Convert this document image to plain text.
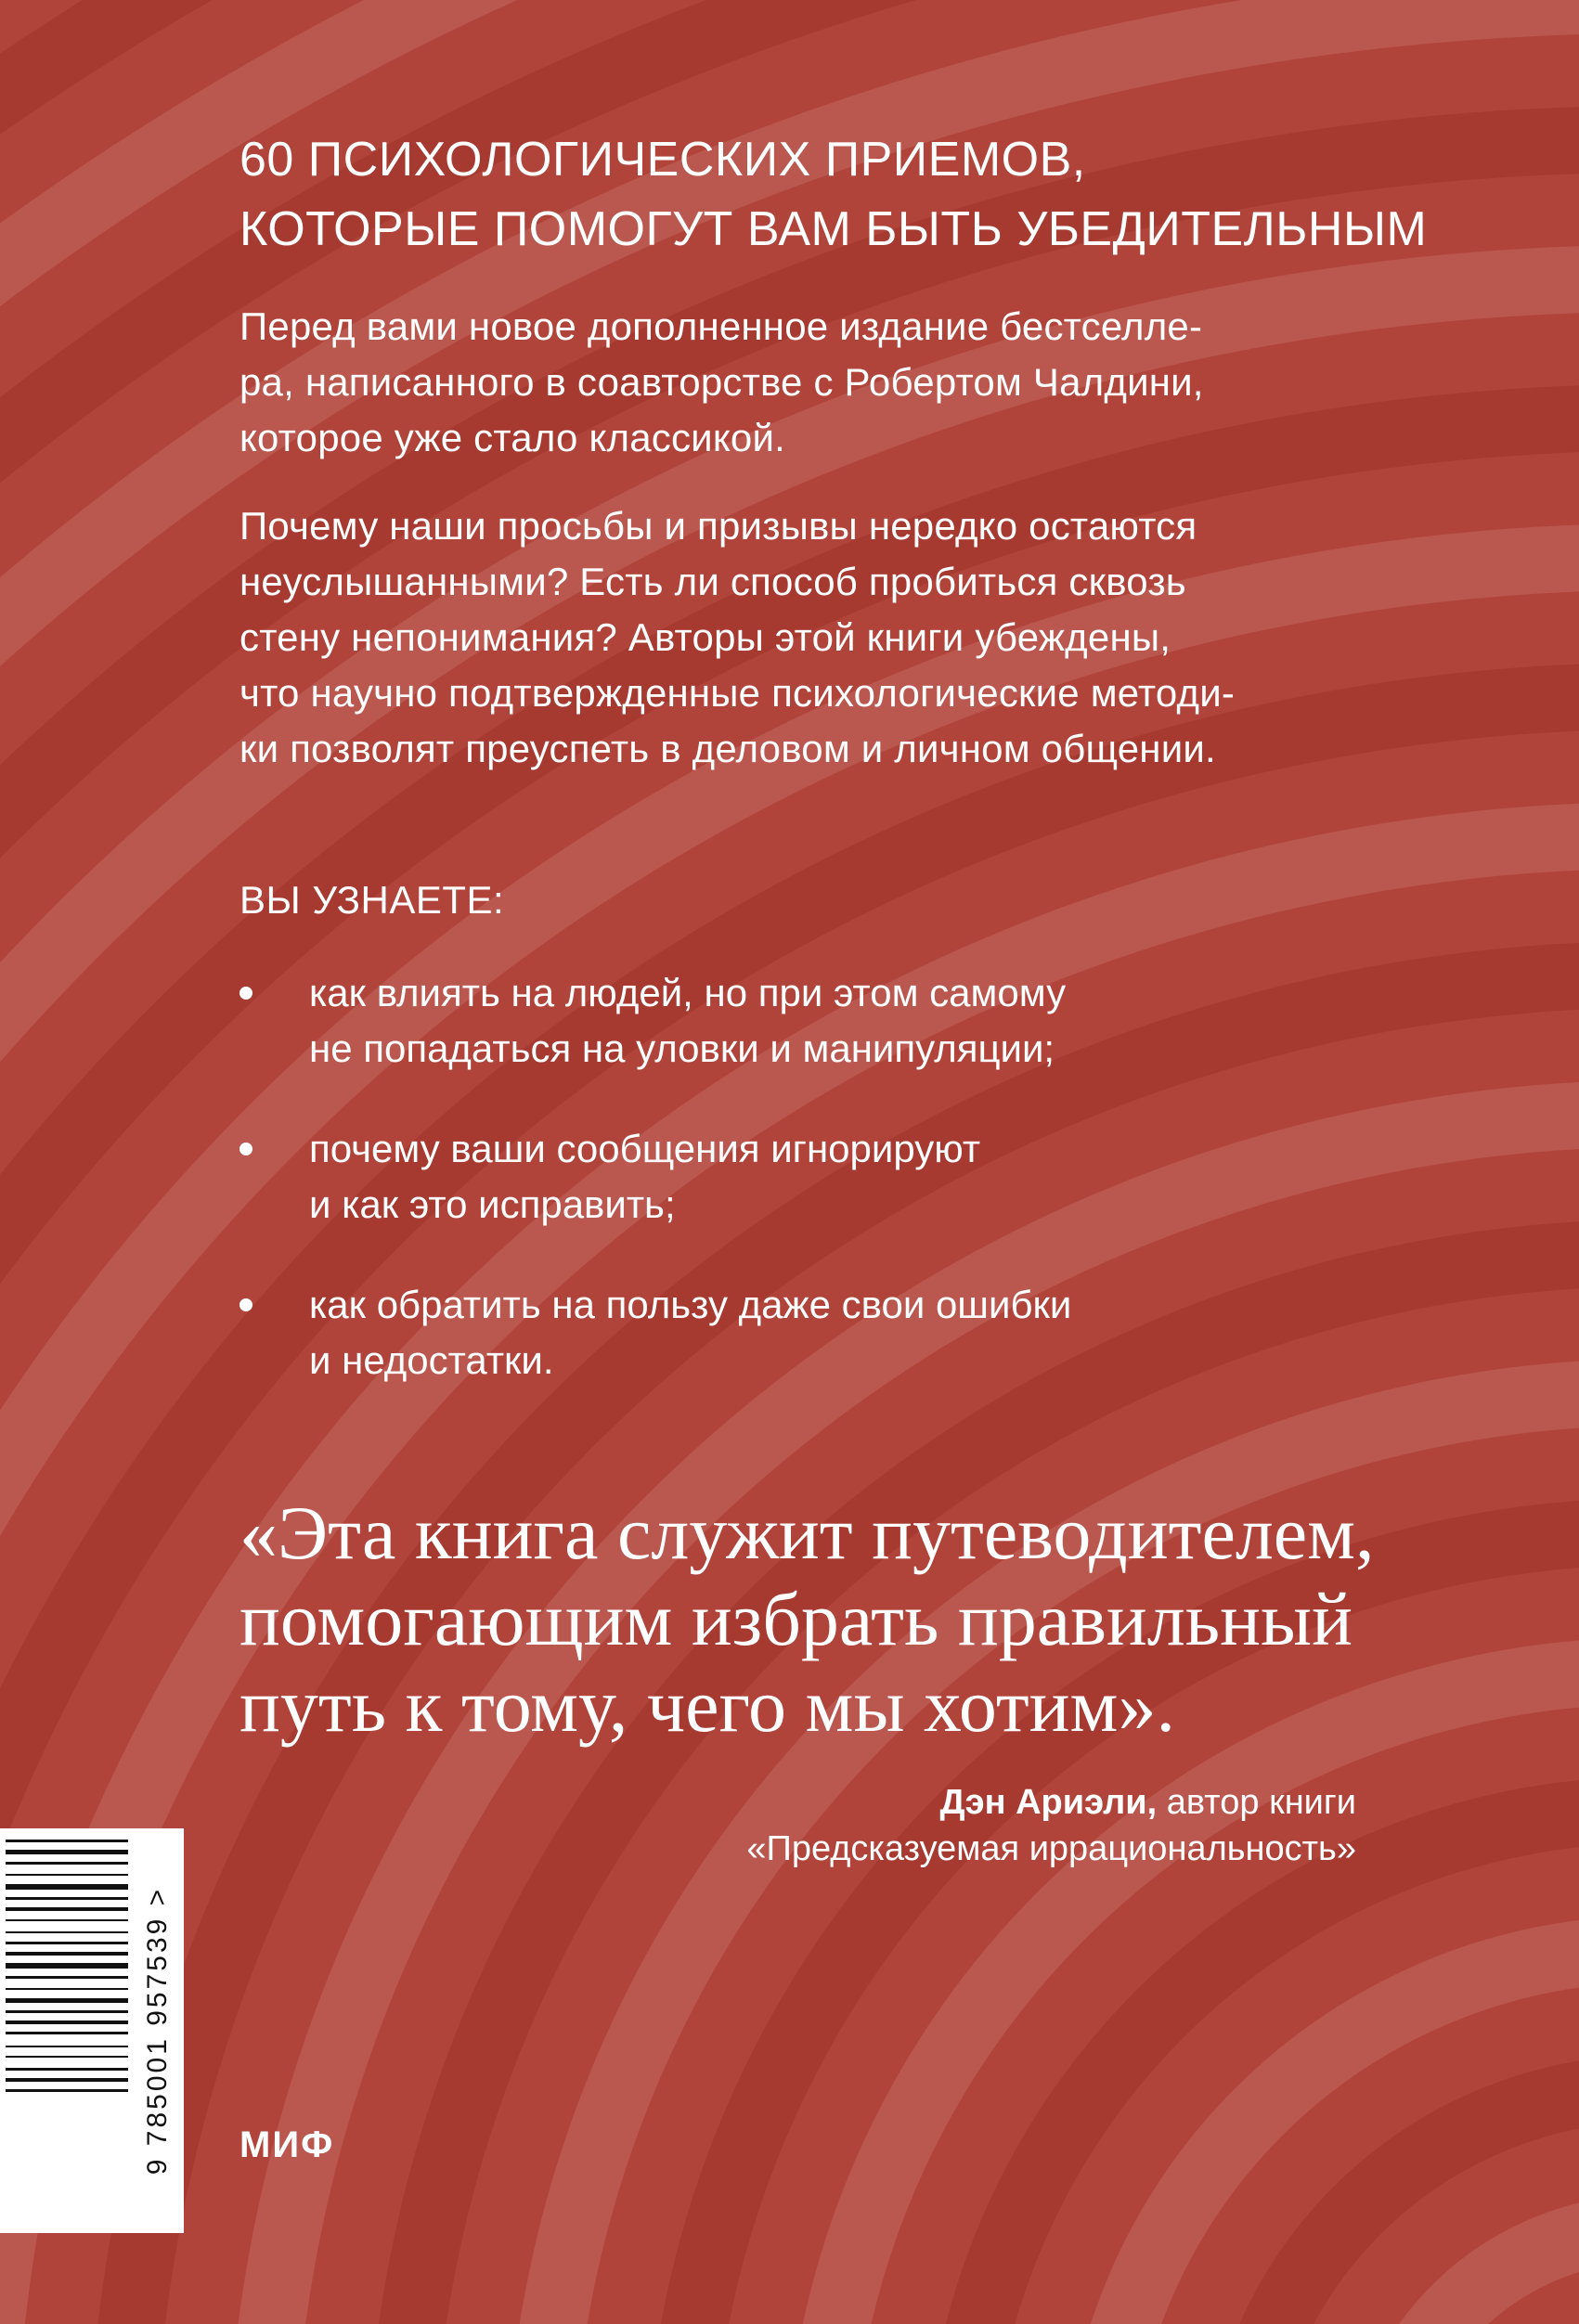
60 ПСИХОЛОГИЧЕСКИХ ПРИЕМОВ,
КОТОРЫЕ ПОМОГУТ ВАМ БЫТЬ УБЕДИТЕЛЬНЫМ
Перед вами новое дополненное издание бестселле-
ра, написанного в соавторстве с Робертом Чалдини,
которое уже стало классикой.
Почему наши просьбы и призывы нередко остаются
неуслышанными? Есть ли способ пробиться сквозь
стену непонимания? Авторы этой книги убеждены,
что научно подтвержденные психологические методи-
ки позволят преуспеть в деловом и личном общении.
ВЫ УЗНАЕТЕ:
как влиять на людей, но при этом самому
не попадаться на уловки и манипуляции;
почему ваши сообщения игнорируют
и как это исправить;
как обратить на пользу даже свои ошибки
и недостатки.
«Эта книга служит путеводителем,
помогающим избрать правильный
путь к тому, чего мы хотим».
Дэн Ариэли, автор книги
«Предсказуемая иррациональность»
9 785001 957539 > МИФ
